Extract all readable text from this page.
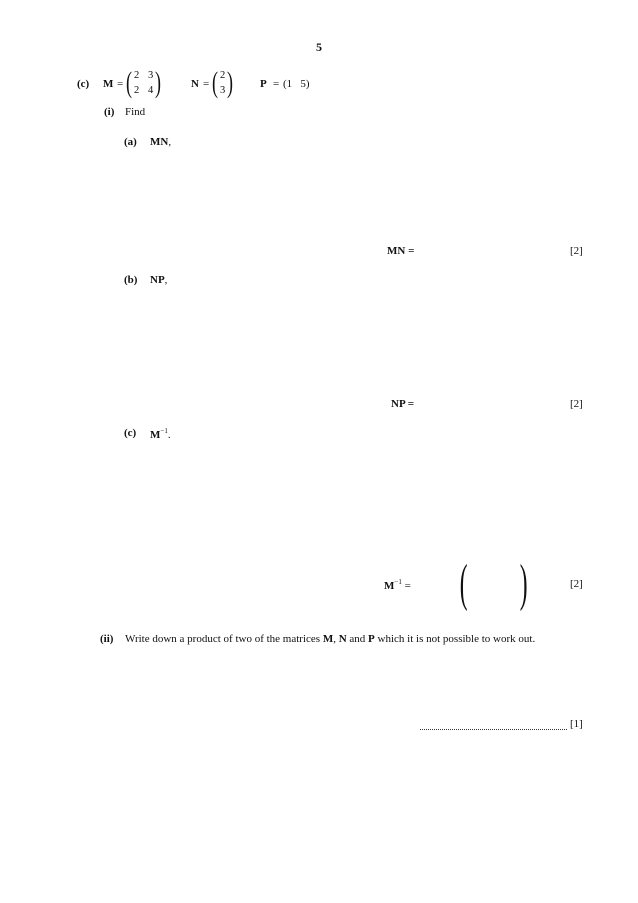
5
(c) M = ( 2 3
2 4 )	N = ( 2
3 ) P = (1   5)
(i) Find
(a) MN,
MN =	[2]
(b) NP,
NP =	[2]
(c) $M^{-1}$.
$M^{-1}$ = ( )	[2]
(ii) Write down a product of two of the matrices M, N and P which it is not possible to work out.
[1]
